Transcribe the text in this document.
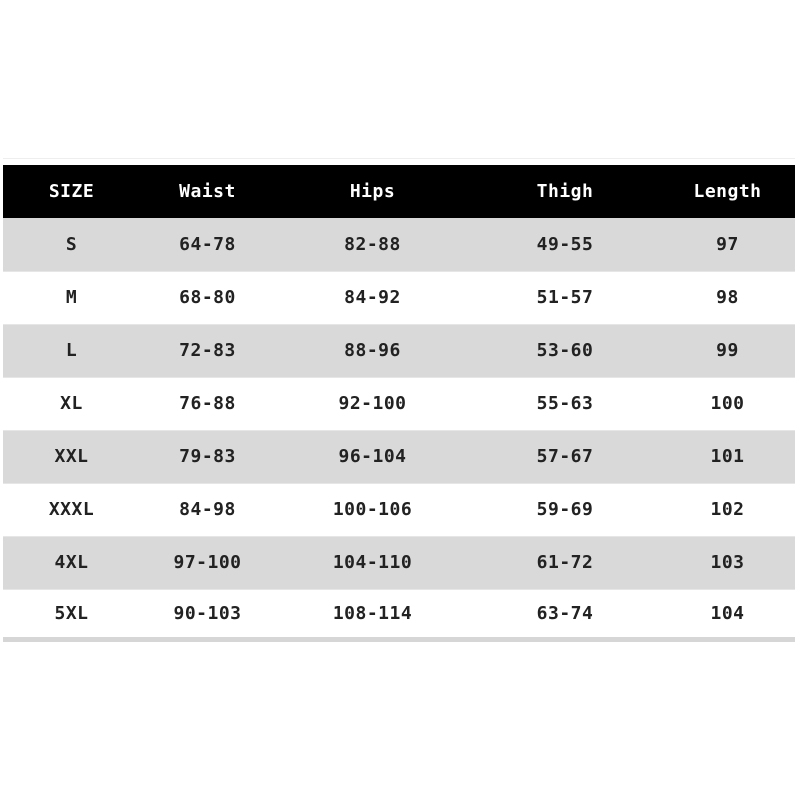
SIZE	Waist	Hips	Thigh	Length
S	64-78	82-88	49-55	97
M	68-80	84-92	51-57	98
L	72-83	88-96	53-60	99
XL	76-88	92-100	55-63	100
XXL	79-83	96-104	57-67	101
XXXL	84-98	100-106	59-69	102
4XL	97-100	104-110	61-72	103
5XL	90-103	108-114	63-74	104
